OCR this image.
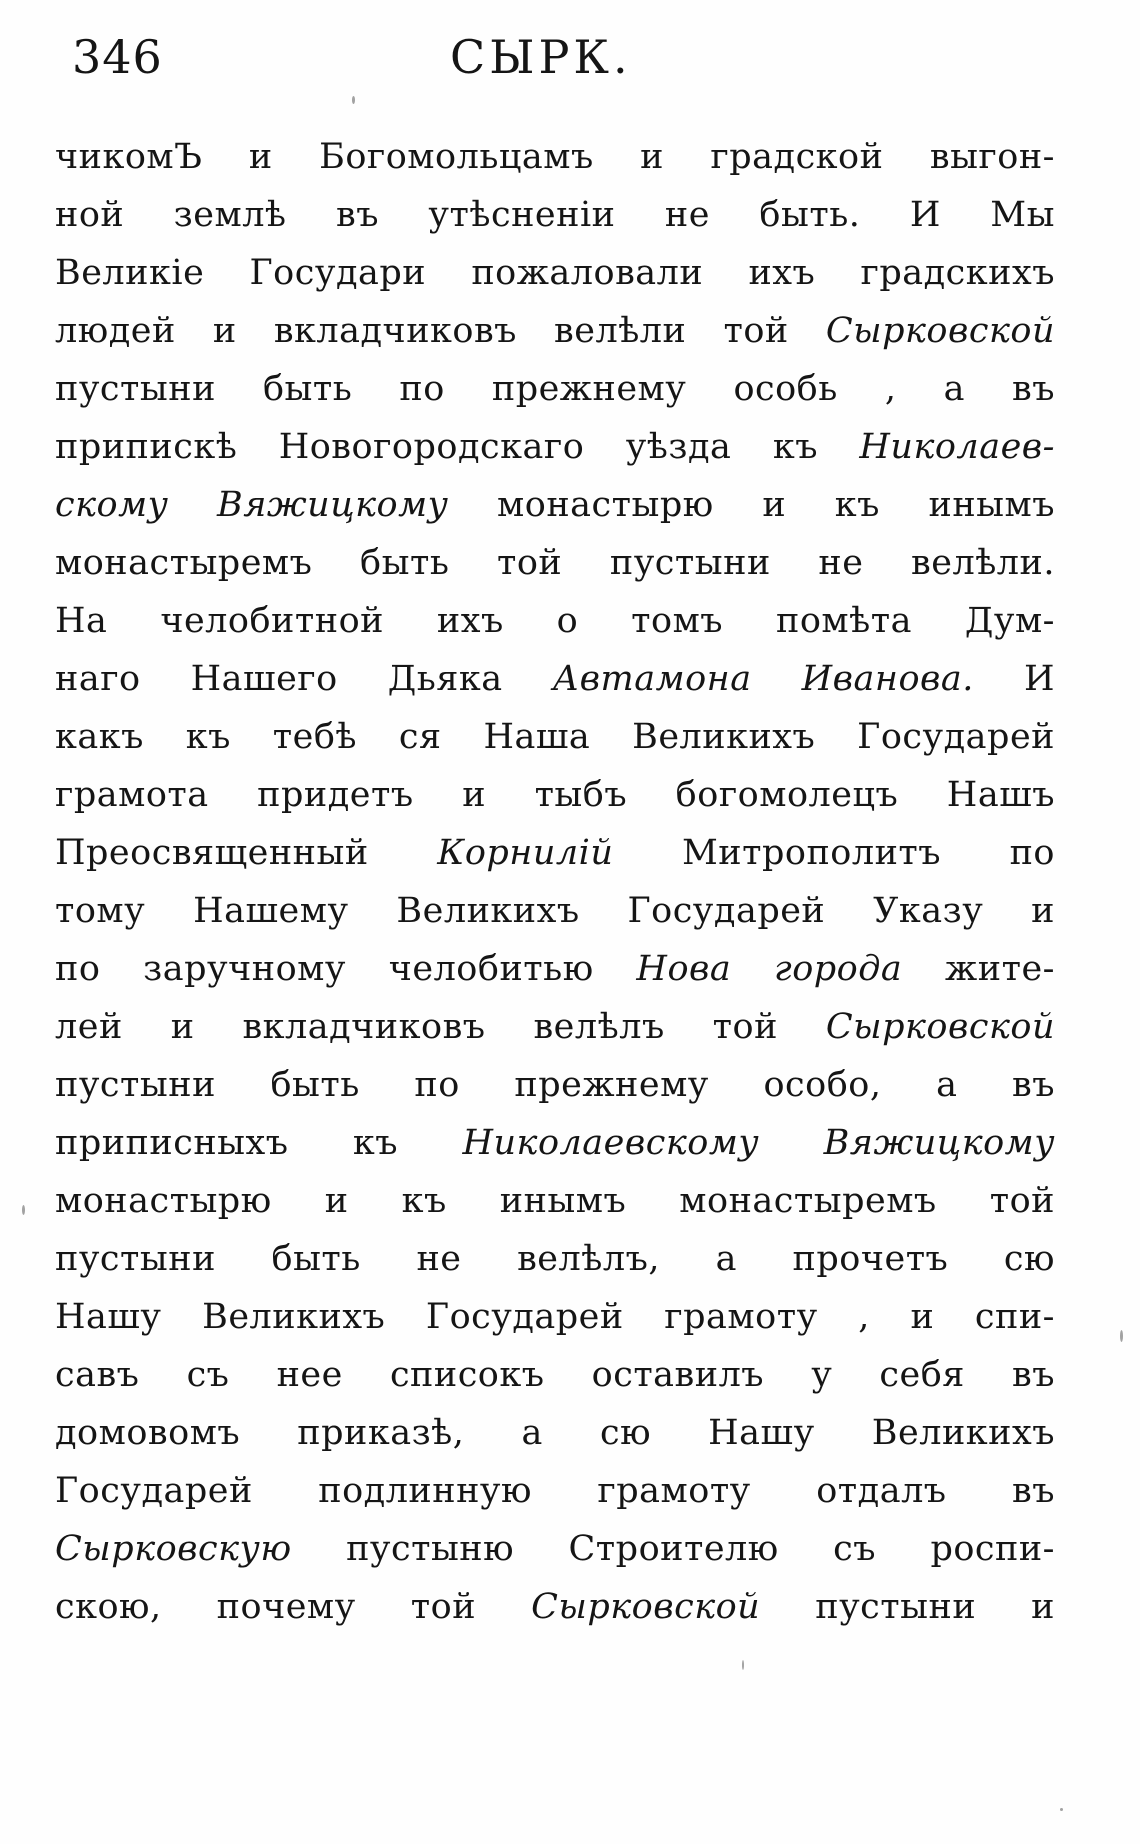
346	СЫРК.
чикомЪ и Богомольцамъ и градской выгон-
ной землѣ въ утѣсненіи не быть. И Мы
Великіе Государи пожаловали ихъ градскихъ
людей и вкладчиковъ велѣли той Сырковской
пустыни быть по прежнему особь , а въ
припискѣ Новогородскаго уѣзда къ Николаев-
скому Вяжицкому монастырю и къ инымъ
монастыремъ быть той пустыни не велѣли.
На челобитной ихъ о томъ помѣта Дум-
наго Нашего Дьяка Автамона Иванова. И
какъ къ тебѣ ся Наша Великихъ Государей
грамота придетъ и тыбъ богомолецъ Нашъ
Преосвященный Корнилій Митрополитъ по
тому Нашему Великихъ Государей Указу и
по заручному челобитью Нова города жите-
лей и вкладчиковъ велѣлъ той Сырковской
пустыни быть по прежнему особо, а въ
приписныхъ къ Николаевскому Вяжицкому
монастырю и къ инымъ монастыремъ той
пустыни быть не велѣлъ, а прочетъ сю
Нашу Великихъ Государей грамоту , и спи-
савъ съ нее списокъ оставилъ у себя въ
домовомъ приказѣ, а сю Нашу Великихъ
Государей подлинную грамоту отдалъ въ
Сырковскую пустыню Строителю съ роспи-
скою, почему той Сырковской пустыни и
